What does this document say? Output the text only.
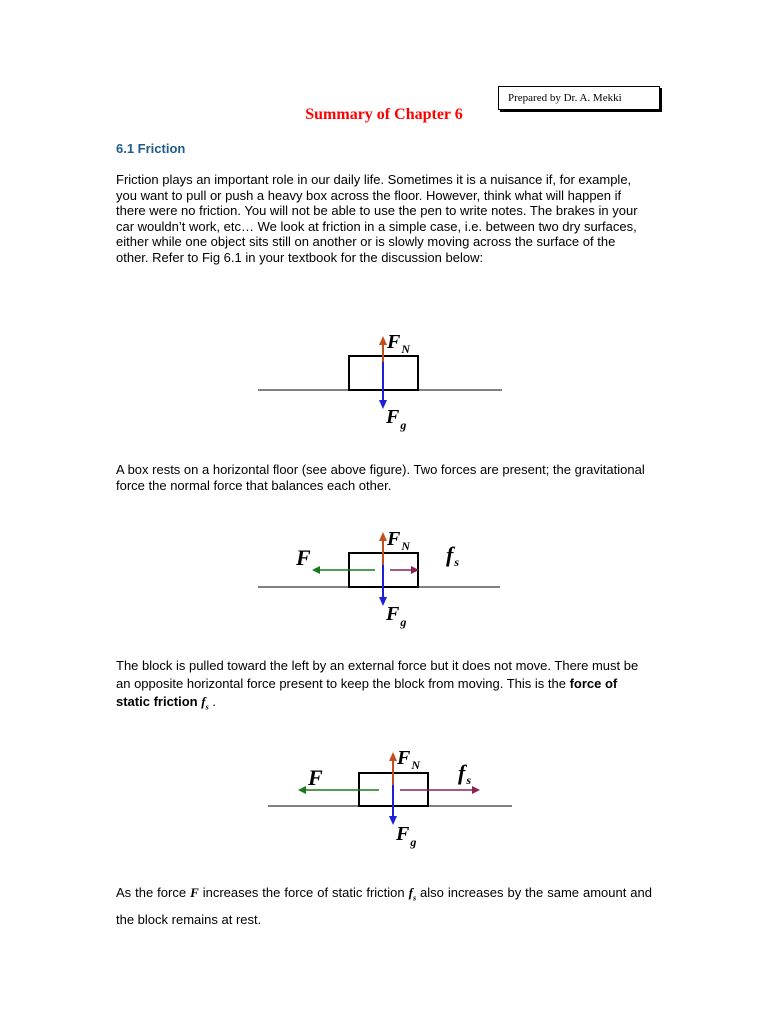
Prepared by Dr. A. Mekki
Summary of Chapter 6
6.1 Friction

Friction plays an important role in our daily life. Sometimes it is a nuisance if, for example, you want to pull or push a heavy box across the floor. However, think what will happen if there were no friction. You will not be able to use the pen to write notes. The brakes in your car wouldn’t work, etc… We look at friction in a simple case, i.e. between two dry surfaces, either while one object sits still on another or is slowly moving across the surface of the other. Refer to Fig 6.1 in your textbook for the discussion below:

$F_N$
$F_g$

A box rests on a horizontal floor (see above figure). Two forces are present; the gravitational force the normal force that balances each other.

$F_N$
$F_g$
F	fs
The block is pulled toward the left by an external force but it does not move. There must be an opposite horizontal force present to keep the block from moving. This is the force of static friction $f_s$ .
$F_N$
$F_g$
F	fs
As the force F increases the force of static friction $f_s$ also increases by the same amount and the block remains at rest.
